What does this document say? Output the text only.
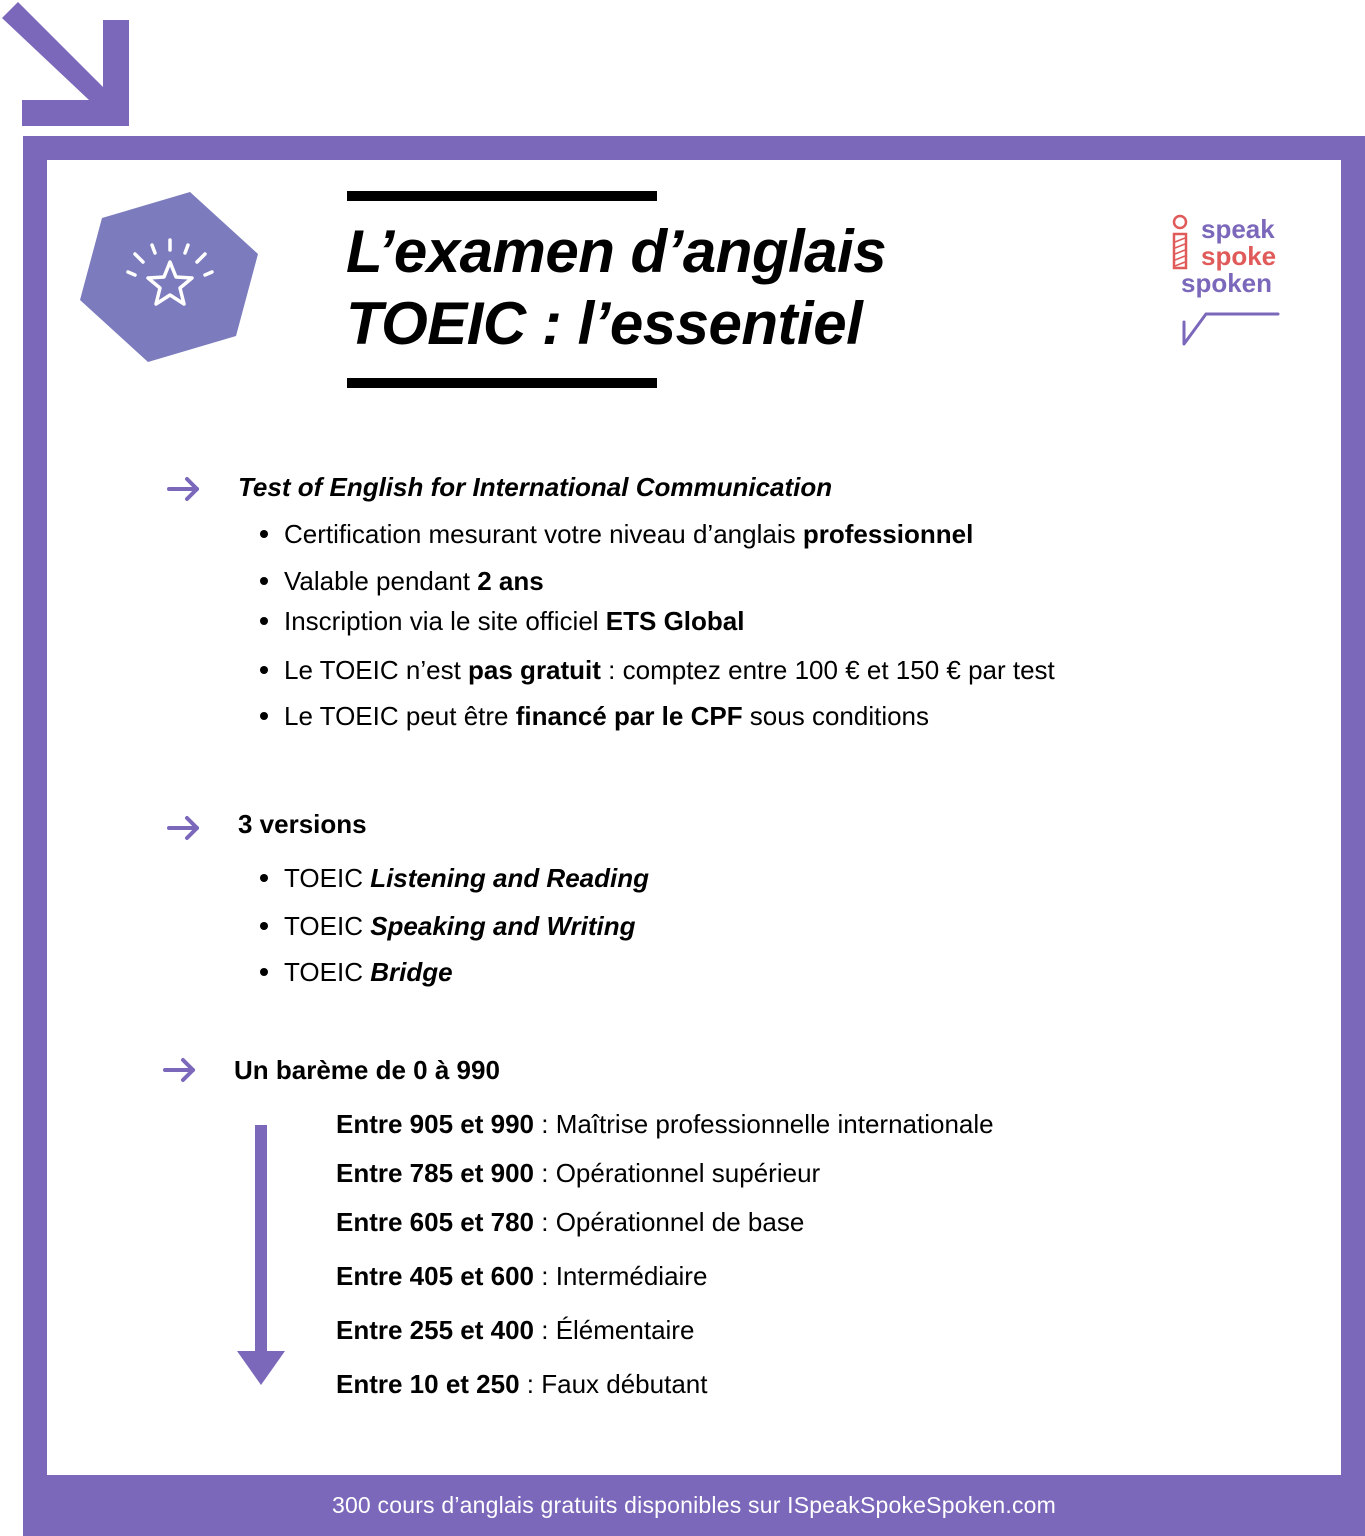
300 cours d’anglais gratuits disponibles sur ISpeakSpokeSpoken.com
L’examen d’anglais
TOEIC : l’essentiel
speak
spoke
spoken
Test of English for International Communication
Certification mesurant votre niveau d’anglais professionnel
Valable pendant 2 ans
Inscription via le site officiel ETS Global
Le TOEIC n’est pas gratuit : comptez entre 100 € et 150 € par test
Le TOEIC peut être financé par le CPF sous conditions
3 versions
TOEIC Listening and Reading
TOEIC Speaking and Writing
TOEIC Bridge
Un barème de 0 à 990
Entre 905 et 990 : Maîtrise professionnelle internationale
Entre 785 et 900 : Opérationnel supérieur
Entre 605 et 780 : Opérationnel de base
Entre 405 et 600 : Intermédiaire
Entre 255 et 400 : Élémentaire
Entre 10 et 250 : Faux débutant
